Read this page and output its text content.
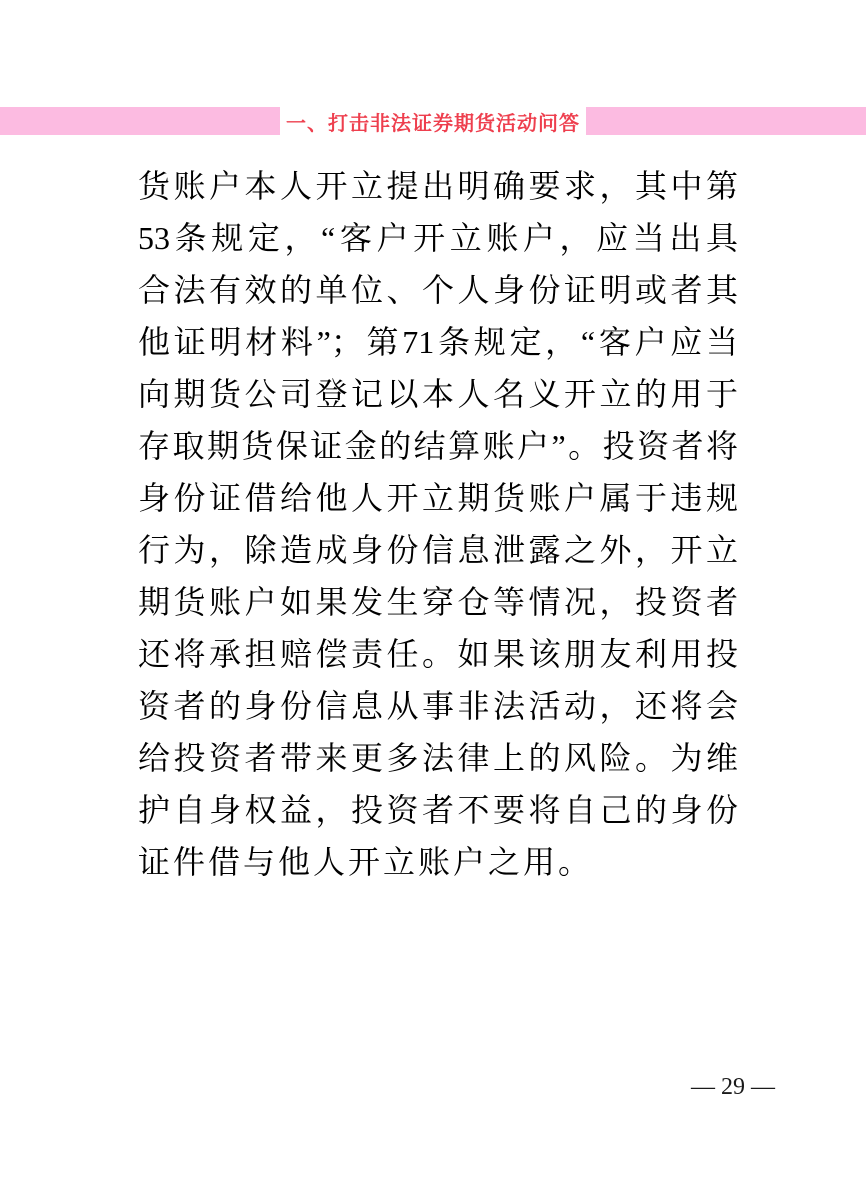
一、打击非法证券期货活动问答
货账户本人开立提出明确要求，其中第
53条规定，“客户开立账户，应当出具
合法有效的单位、个人身份证明或者其
他证明材料”；第71条规定，“客户应当
向期货公司登记以本人名义开立的用于
存取期货保证金的结算账户”。投资者将
身份证借给他人开立期货账户属于违规
行为，除造成身份信息泄露之外，开立
期货账户如果发生穿仓等情况，投资者
还将承担赔偿责任。如果该朋友利用投
资者的身份信息从事非法活动，还将会
给投资者带来更多法律上的风险。为维
护自身权益，投资者不要将自己的身份
证件借与他人开立账户之用。
— 29 —
